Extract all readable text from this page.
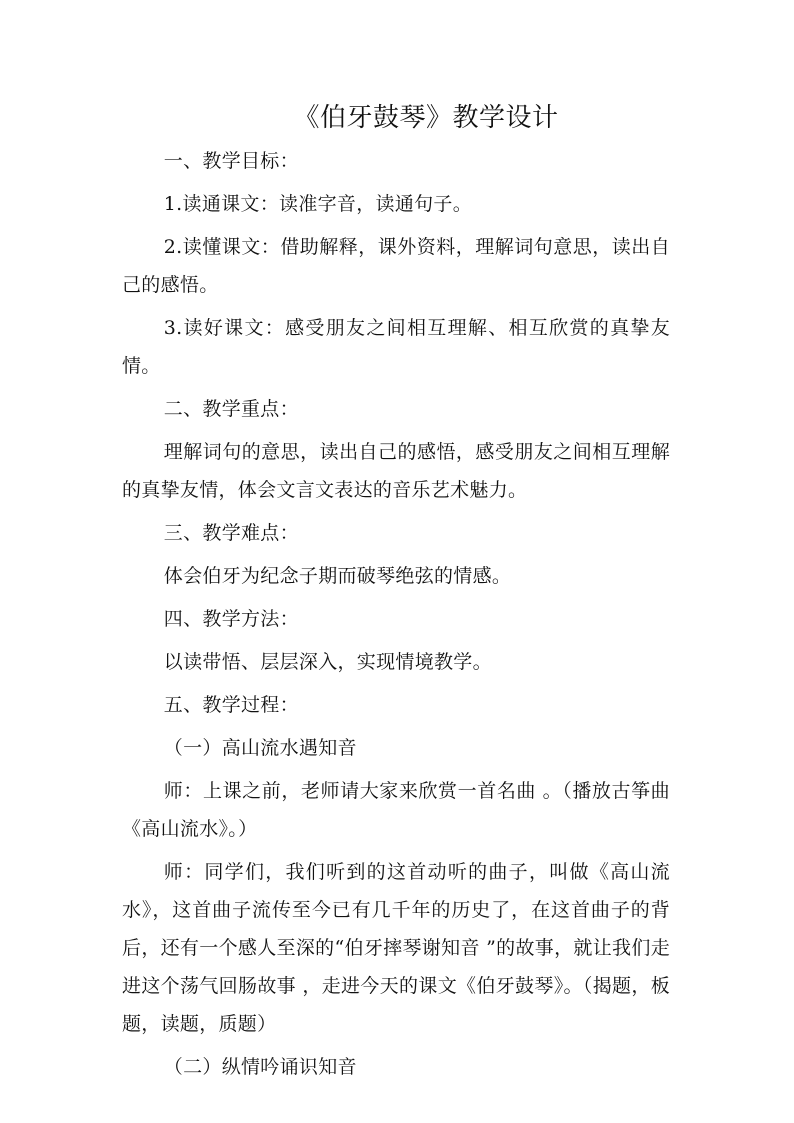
《伯牙鼓琴》教学设计
一、教学目标：
1.读通课文：读准字音，读通句子。
2.读懂课文：借助解释，课外资料，理解词句意思，读出自己的感悟。
3.读好课文：感受朋友之间相互理解、相互欣赏的真挚友情。
二、教学重点：
理解词句的意思，读出自己的感悟，感受朋友之间相互理解的真挚友情，体会文言文表达的音乐艺术魅力。
三、教学难点：
体会伯牙为纪念子期而破琴绝弦的情感。
四、教学方法：
以读带悟、层层深入，实现情境教学。
五、教学过程：
（一）高山流水遇知音
师：上课之前，老师请大家来欣赏一首名曲 。（播放古筝曲《高山流水》。）
师：同学们，我们听到的这首动听的曲子，叫做《高山流水》，这首曲子流传至今已有几千年的历史了，在这首曲子的背后，还有一个感人至深的“伯牙摔琴谢知音 ”的故事，就让我们走进这个荡气回肠故事 ，走进今天的课文《伯牙鼓琴》。（揭题，板题，读题，质题）
（二）纵情吟诵识知音
